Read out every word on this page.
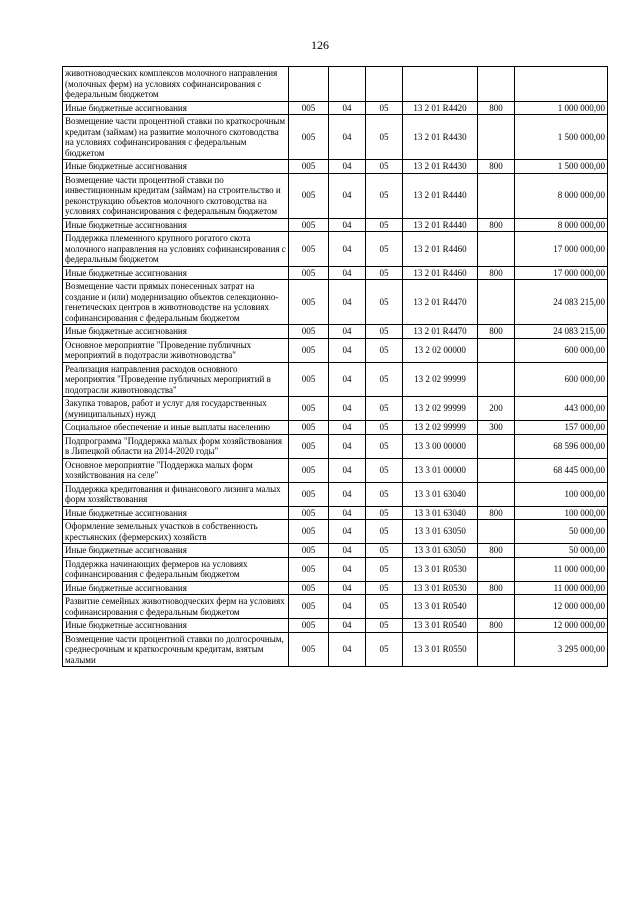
126
животноводческих комплексов молочного направления (молочных ферм) на условиях софинансирования с федеральным бюджетом						
Иные бюджетные ассигнования	005	04	05	13 2 01 R4420	800	1 000 000,00
Возмещение части процентной ставки по краткосрочным кредитам (займам) на развитие молочного скотоводства на условиях софинансирования с федеральным бюджетом	005	04	05	13 2 01 R4430		1 500 000,00
Иные бюджетные ассигнования	005	04	05	13 2 01 R4430	800	1 500 000,00
Возмещение части процентной ставки по инвестиционным кредитам (займам) на строительство и реконструкцию объектов молочного скотоводства на условиях софинансирования с федеральным бюджетом	005	04	05	13 2 01 R4440		8 000 000,00
Иные бюджетные ассигнования	005	04	05	13 2 01 R4440	800	8 000 000,00
Поддержка племенного крупного рогатого скота молочного направления на условиях софинансирования с федеральным бюджетом	005	04	05	13 2 01 R4460		17 000 000,00
Иные бюджетные ассигнования	005	04	05	13 2 01 R4460	800	17 000 000,00
Возмещение части прямых понесенных затрат на создание и (или) модернизацию объектов селекционно-генетических центров в животноводстве на условиях софинансирования с федеральным бюджетом	005	04	05	13 2 01 R4470		24 083 215,00
Иные бюджетные ассигнования	005	04	05	13 2 01 R4470	800	24 083 215,00
Основное мероприятие "Проведение публичных мероприятий в подотрасли животноводства"	005	04	05	13 2 02 00000		600 000,00
Реализация направления расходов основного мероприятия "Проведение публичных мероприятий в подотрасли животноводства"	005	04	05	13 2 02 99999		600 000,00
Закупка товаров, работ и услуг для государственных (муниципальных) нужд	005	04	05	13 2 02 99999	200	443 000,00
Социальное обеспечение и иные выплаты населению	005	04	05	13 2 02 99999	300	157 000,00
Подпрограмма "Поддержка малых форм хозяйствования в Липецкой области на 2014-2020 годы"	005	04	05	13 3 00 00000		68 596 000,00
Основное мероприятие "Поддержка малых форм хозяйствования на селе"	005	04	05	13 3 01 00000		68 445 000,00
Поддержка кредитования и финансового лизинга малых форм хозяйствования	005	04	05	13 3 01 63040		100 000,00
Иные бюджетные ассигнования	005	04	05	13 3 01 63040	800	100 000,00
Оформление земельных участков в собственность крестьянских (фермерских) хозяйств	005	04	05	13 3 01 63050		50 000,00
Иные бюджетные ассигнования	005	04	05	13 3 01 63050	800	50 000,00
Поддержка начинающих фермеров на условиях софинансирования с федеральным бюджетом	005	04	05	13 3 01 R0530		11 000 000,00
Иные бюджетные ассигнования	005	04	05	13 3 01 R0530	800	11 000 000,00
Развитие семейных животноводческих ферм на условиях софинансирования с федеральным бюджетом	005	04	05	13 3 01 R0540		12 000 000,00
Иные бюджетные ассигнования	005	04	05	13 3 01 R0540	800	12 000 000,00
Возмещение части процентной ставки по долгосрочным, среднесрочным и краткосрочным кредитам, взятым малыми	005	04	05	13 3 01 R0550		3 295 000,00
